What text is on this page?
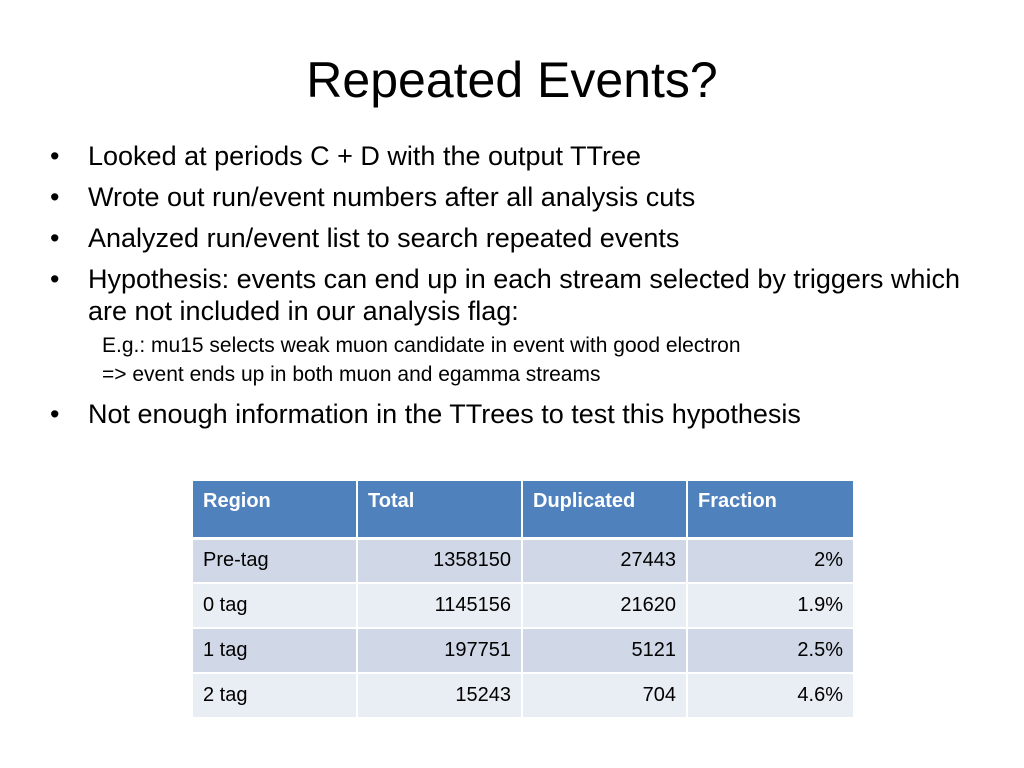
Repeated Events?
•	Looked at periods C + D with the output TTree
•	Wrote out run/event numbers after all analysis cuts
•	Analyzed run/event list to search repeated events
•	Hypothesis: events can end up in each stream selected by triggers which are not included in our analysis flag:
E.g.: mu15 selects weak muon candidate in event with good electron
=> event ends up in both muon and egamma streams
•	Not enough information in the TTrees to test this hypothesis
Region	Total	Duplicated	Fraction
Pre-tag	1358150	27443	2%
0 tag	1145156	21620	1.9%
1 tag	197751	5121	2.5%
2 tag	15243	704	4.6%
